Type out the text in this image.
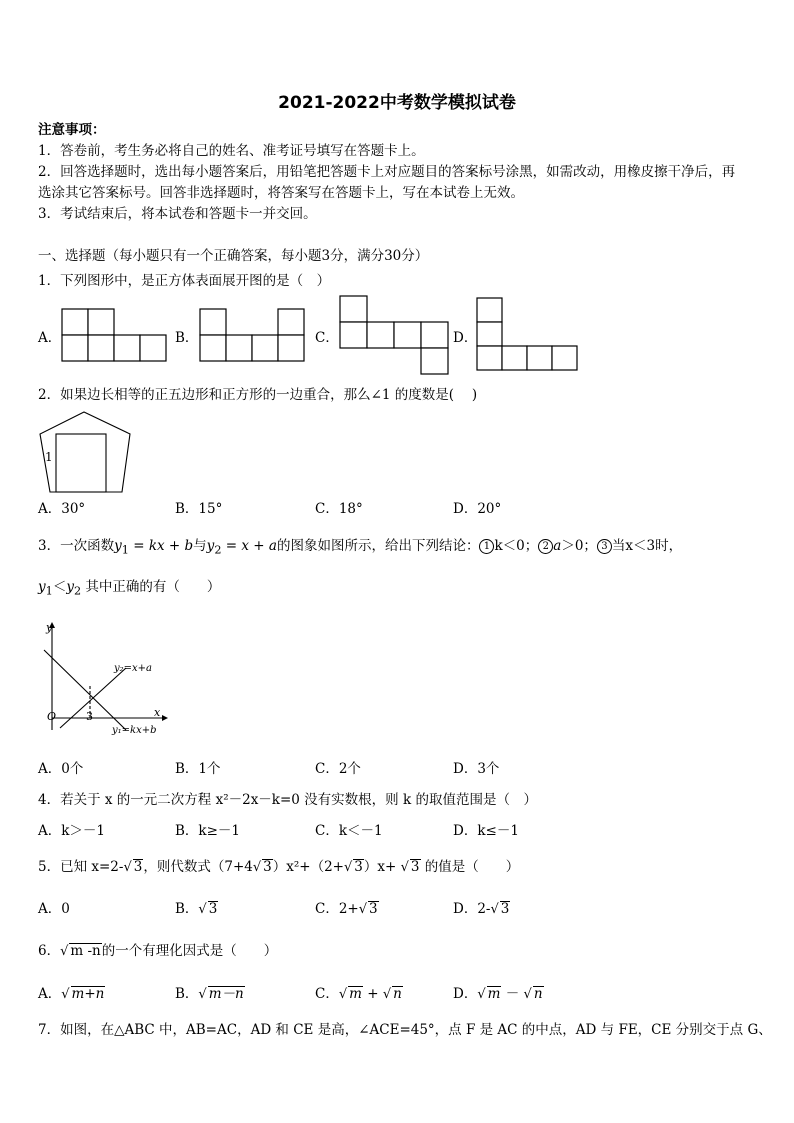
2021-2022中考数学模拟试卷
注意事项：
1．答卷前，考生务必将自己的姓名、准考证号填写在答题卡上。
2．回答选择题时，选出每小题答案后，用铅笔把答题卡上对应题目的答案标号涂黑，如需改动，用橡皮擦干净后，再
选涂其它答案标号。回答非选择题时，将答案写在答题卡上，写在本试卷上无效。
3．考试结束后，将本试卷和答题卡一并交回。
一、选择题（每小题只有一个正确答案，每小题3分，满分30分）
1．下列图形中，是正方体表面展开图的是（　）
A．	B．	C．	D．
2．如果边长相等的正五边形和正方形的一边重合，那么∠1 的度数是(　 )
1
A．30°	B．15°	C．18°	D．20°
3．一次函数$y_1$ = kx + b与$y_2 = x + a$的图象如图所示，给出下列结论： 1 k＜0； 2 a＞0； 3 当x＜3时，
$y_1<y_2$ 其中正确的有（　　）
y
x
O	3
y₂=x+a
y₁=kx+b
A．0个	B．1个	C．2个	D．3个
4．若关于 x 的一元二次方程 x²－2x－k=0 没有实数根，则 k 的取值范围是（　）
A．k＞－1	B．k≥－1	C．k＜－1	D．k≤－1
5．已知 x=2-√ 3，则代数式（7+4√ 3）x²+（2+√ 3）x+ √ 3 的值是（　　）
A．0	B．√ 3	C．2+√ 3	D．2-√ 3
6．√ m -n的一个有理化因式是（　　）
A．√ m+n	B．√ m－n	C．√ m + √ n	D．√ m － √ n
7．如图，在△ABC 中，AB=AC，AD 和 CE 是高，∠ACE=45°，点 F 是 AC 的中点，AD 与 FE，CE 分别交于点 G、
